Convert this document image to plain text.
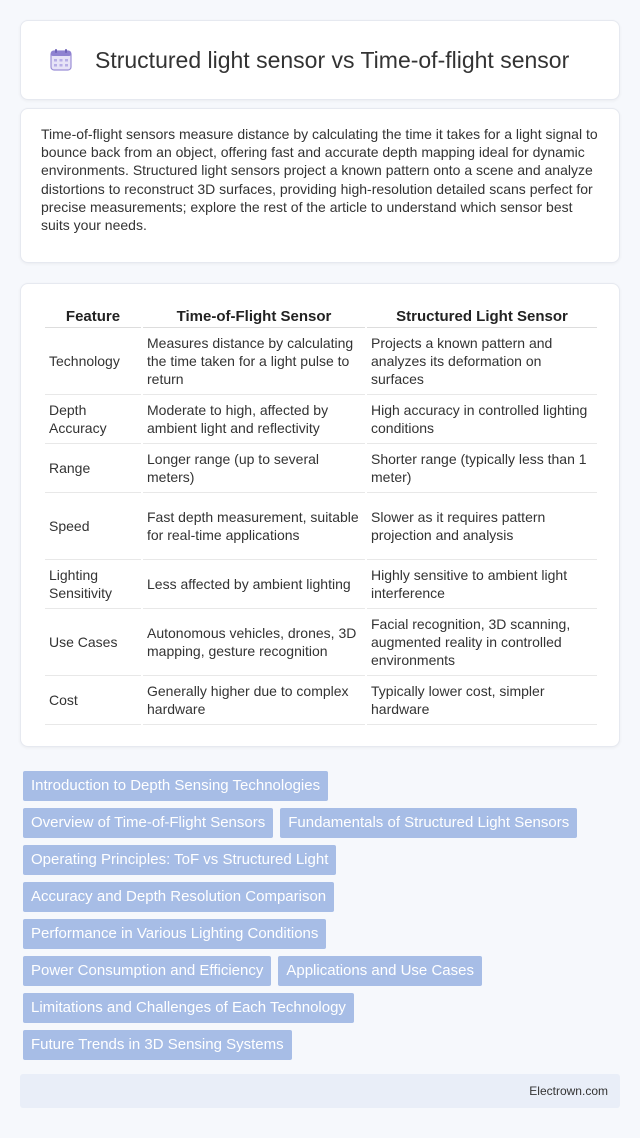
Structured light sensor vs Time-of-flight sensor

Time-of-flight sensors measure distance by calculating the time it takes for a light signal to bounce back from an object, offering fast and accurate depth mapping ideal for dynamic environments. Structured light sensors project a known pattern onto a scene and analyze distortions to reconstruct 3D surfaces, providing high-resolution detailed scans perfect for precise measurements; explore the rest of the article to understand which sensor best suits your needs.

Feature	Time-of-Flight Sensor	Structured Light Sensor
Technology	Measures distance by calculating the time taken for a light pulse to return	Projects a known pattern and analyzes its deformation on surfaces
Depth Accuracy	Moderate to high, affected by ambient light and reflectivity	High accuracy in controlled lighting conditions
Range	Longer range (up to several meters)	Shorter range (typically less than 1 meter)
Speed	Fast depth measurement, suitable for real-time applications	Slower as it requires pattern projection and analysis
Lighting Sensitivity	Less affected by ambient lighting	Highly sensitive to ambient light interference
Use Cases	Autonomous vehicles, drones, 3D mapping, gesture recognition	Facial recognition, 3D scanning, augmented reality in controlled environments
Cost	Generally higher due to complex hardware	Typically lower cost, simpler hardware
Introduction to Depth Sensing Technologies
Overview of Time-of-Flight Sensors	Fundamentals of Structured Light Sensors
Operating Principles: ToF vs Structured Light
Accuracy and Depth Resolution Comparison
Performance in Various Lighting Conditions
Power Consumption and Efficiency	Applications and Use Cases
Limitations and Challenges of Each Technology
Future Trends in 3D Sensing Systems
Electrown.com
